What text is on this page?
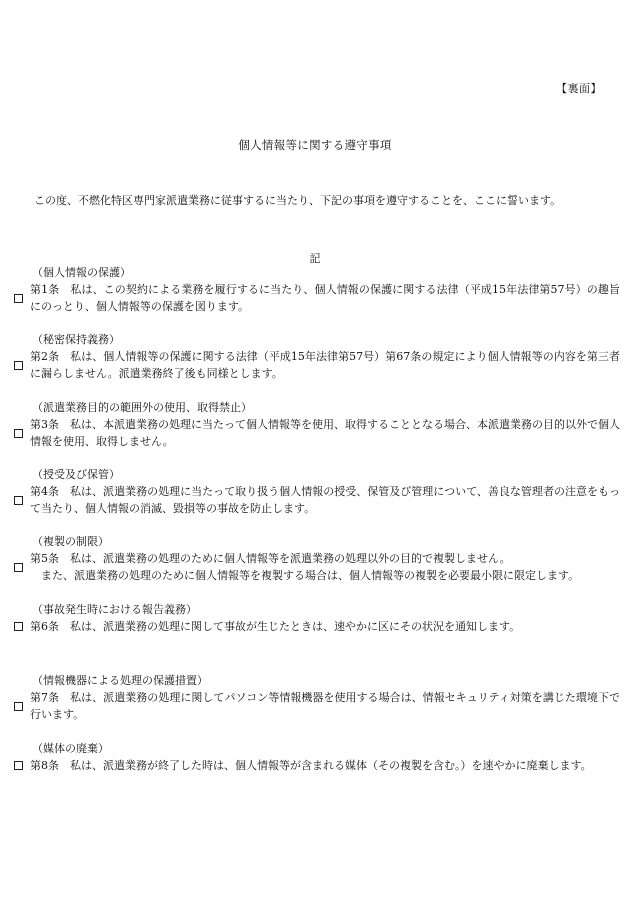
【裏面】
個人情報等に関する遵守事項
この度、不燃化特区専門家派遣業務に従事するに当たり、下記の事項を遵守することを、ここに誓います。
記
（個人情報の保護）
第1条　私は、この契約による業務を履行するに当たり、個人情報の保護に関する法律（平成15年法律第57号）の趣旨にのっとり、個人情報等の保護を図ります。
（秘密保持義務）
第2条　私は、個人情報等の保護に関する法律（平成15年法律第57号）第67条の規定により個人情報等の内容を第三者に漏らしません。派遣業務終了後も同様とします。
（派遣業務目的の範囲外の使用、取得禁止）
第3条　私は、本派遣業務の処理に当たって個人情報等を使用、取得することとなる場合、本派遣業務の目的以外で個人情報を使用、取得しません。
（授受及び保管）
第4条　私は、派遣業務の処理に当たって取り扱う個人情報の授受、保管及び管理について、善良な管理者の注意をもって当たり、個人情報の消滅、毀損等の事故を防止します。
（複製の制限）
第5条　私は、派遣業務の処理のために個人情報等を派遣業務の処理以外の目的で複製しません。
また、派遣業務の処理のために個人情報等を複製する場合は、個人情報等の複製を必要最小限に限定します。
（事故発生時における報告義務）
第6条　私は、派遣業務の処理に関して事故が生じたときは、速やかに区にその状況を通知します。
（情報機器による処理の保護措置）
第7条　私は、派遣業務の処理に関してパソコン等情報機器を使用する場合は、情報セキュリティ対策を講じた環境下で行います。
（媒体の廃棄）
第8条　私は、派遣業務が終了した時は、個人情報等が含まれる媒体（その複製を含む。）を速やかに廃棄します。
